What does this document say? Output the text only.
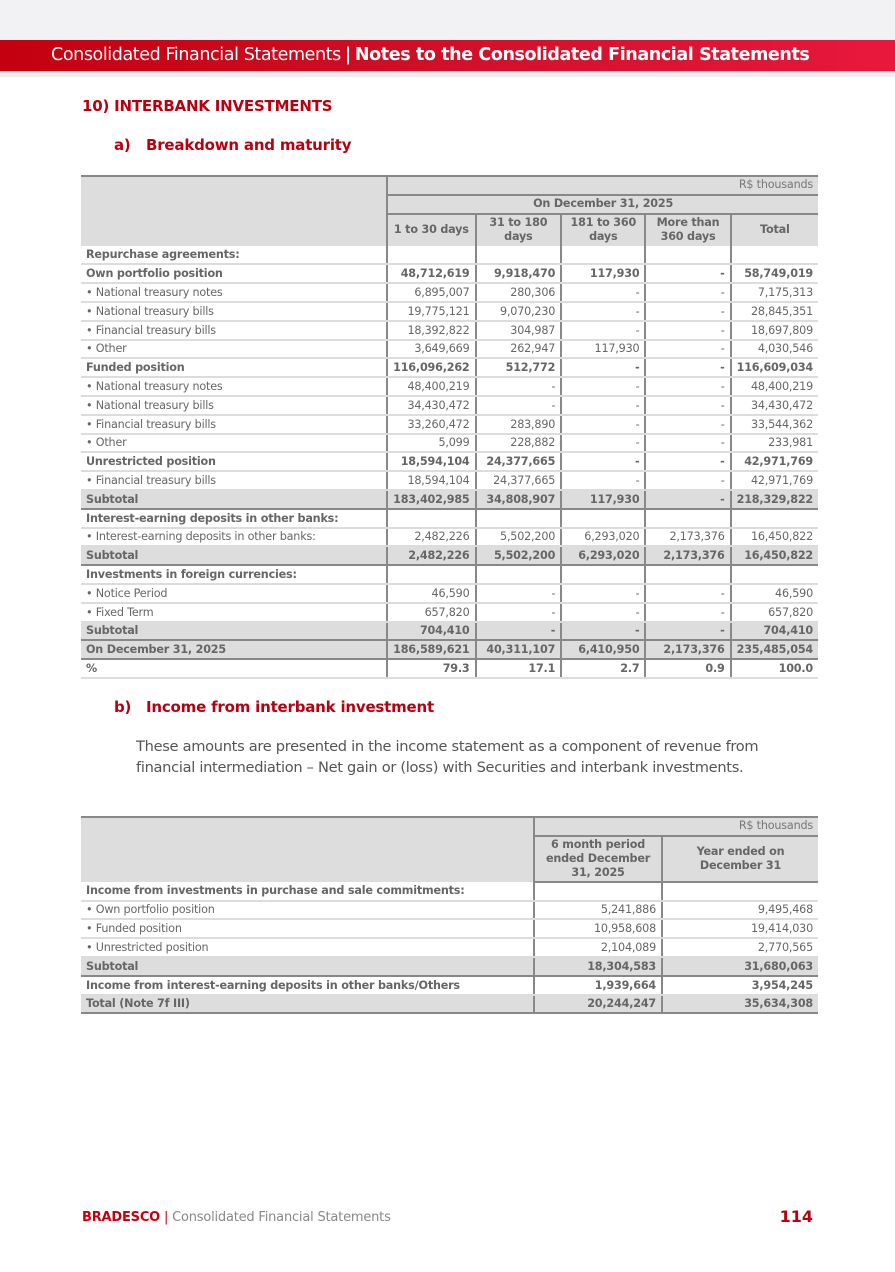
Consolidated Financial Statements | Notes to the Consolidated Financial Statements
10) INTERBANK INVESTMENTS
a) Breakdown and maturity
	R$ thousands				
	On December 31, 2025				
	1 to 30 days	31 to 180 days	181 to 360 days	More than 360 days	Total
Repurchase agreements:					
Own portfolio position	48,712,619	9,918,470	117,930	-	58,749,019
• National treasury notes	6,895,007	280,306	-	-	7,175,313
• National treasury bills	19,775,121	9,070,230	-	-	28,845,351
• Financial treasury bills	18,392,822	304,987	-	-	18,697,809
• Other	3,649,669	262,947	117,930	-	4,030,546
Funded position	116,096,262	512,772	-	-	116,609,034
• National treasury notes	48,400,219	-	-	-	48,400,219
• National treasury bills	34,430,472	-	-	-	34,430,472
• Financial treasury bills	33,260,472	283,890	-	-	33,544,362
• Other	5,099	228,882	-	-	233,981
Unrestricted position	18,594,104	24,377,665	-	-	42,971,769
• Financial treasury bills	18,594,104	24,377,665	-	-	42,971,769
Subtotal	183,402,985	34,808,907	117,930	-	218,329,822
Interest-earning deposits in other banks:					
• Interest-earning deposits in other banks:	2,482,226	5,502,200	6,293,020	2,173,376	16,450,822
Subtotal	2,482,226	5,502,200	6,293,020	2,173,376	16,450,822
Investments in foreign currencies:					
• Notice Period	46,590	-	-	-	46,590
• Fixed Term	657,820	-	-	-	657,820
Subtotal	704,410	-	-	-	704,410
On December 31, 2025	186,589,621	40,311,107	6,410,950	2,173,376	235,485,054
%	79.3	17.1	2.7	0.9	100.0
b) Income from interbank investment
These amounts are presented in the income statement as a component of revenue from financial intermediation – Net gain or (loss) with Securities and interbank investments.
	R$ thousands	
	6 month period ended December 31, 2025	Year ended on December 31
Income from investments in purchase and sale commitments:		
• Own portfolio position	5,241,886	9,495,468
• Funded position	10,958,608	19,414,030
• Unrestricted position	2,104,089	2,770,565
Subtotal	18,304,583	31,680,063
Income from interest-earning deposits in other banks/Others	1,939,664	3,954,245
Total (Note 7f III)	20,244,247	35,634,308
BRADESCO | Consolidated Financial Statements	114
